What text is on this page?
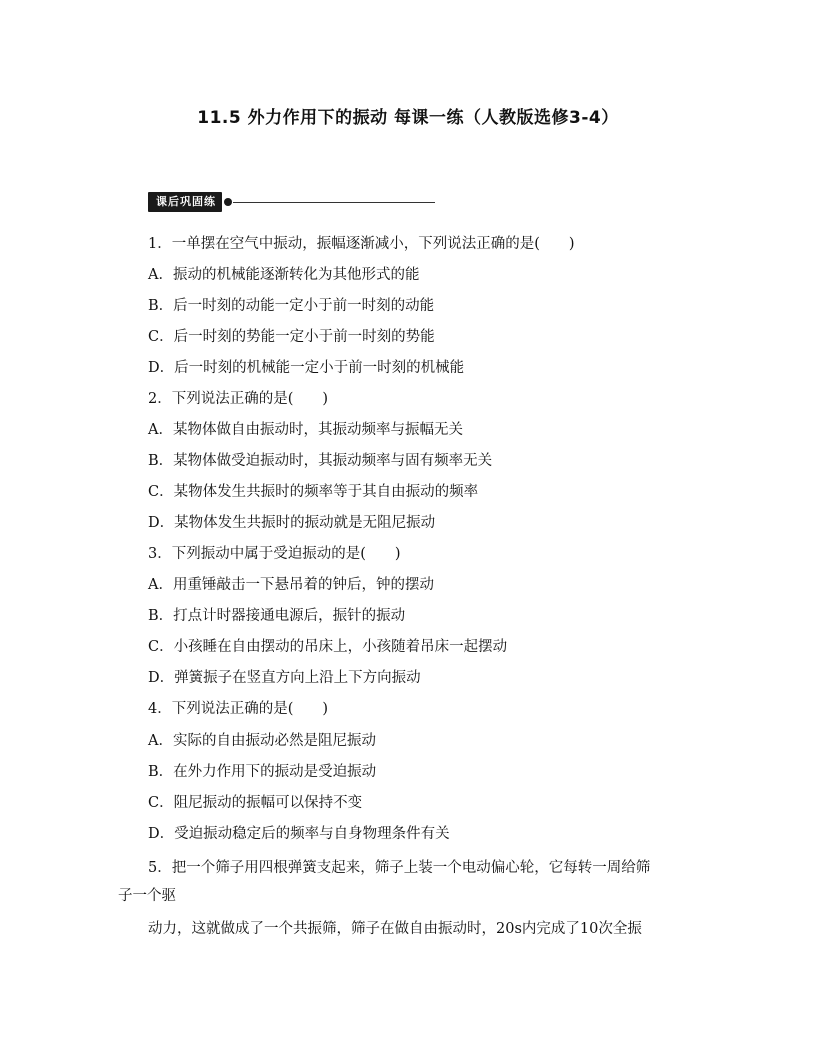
11.5 外力作用下的振动 每课一练（人教版选修3-4）
课后巩固练
1．一单摆在空气中振动，振幅逐渐减小，下列说法正确的是(　　)
A．振动的机械能逐渐转化为其他形式的能
B．后一时刻的动能一定小于前一时刻的动能
C．后一时刻的势能一定小于前一时刻的势能
D．后一时刻的机械能一定小于前一时刻的机械能
2．下列说法正确的是(　　)
A．某物体做自由振动时，其振动频率与振幅无关
B．某物体做受迫振动时，其振动频率与固有频率无关
C．某物体发生共振时的频率等于其自由振动的频率
D．某物体发生共振时的振动就是无阻尼振动
3．下列振动中属于受迫振动的是(　　)
A．用重锤敲击一下悬吊着的钟后，钟的摆动
B．打点计时器接通电源后，振针的振动
C．小孩睡在自由摆动的吊床上，小孩随着吊床一起摆动
D．弹簧振子在竖直方向上沿上下方向振动
4．下列说法正确的是(　　)
A．实际的自由振动必然是阻尼振动
B．在外力作用下的振动是受迫振动
C．阻尼振动的振幅可以保持不变
D．受迫振动稳定后的频率与自身物理条件有关
5．把一个筛子用四根弹簧支起来，筛子上装一个电动偏心轮，它每转一周给筛
子一个驱
动力，这就做成了一个共振筛，筛子在做自由振动时，20s内完成了10次全振
